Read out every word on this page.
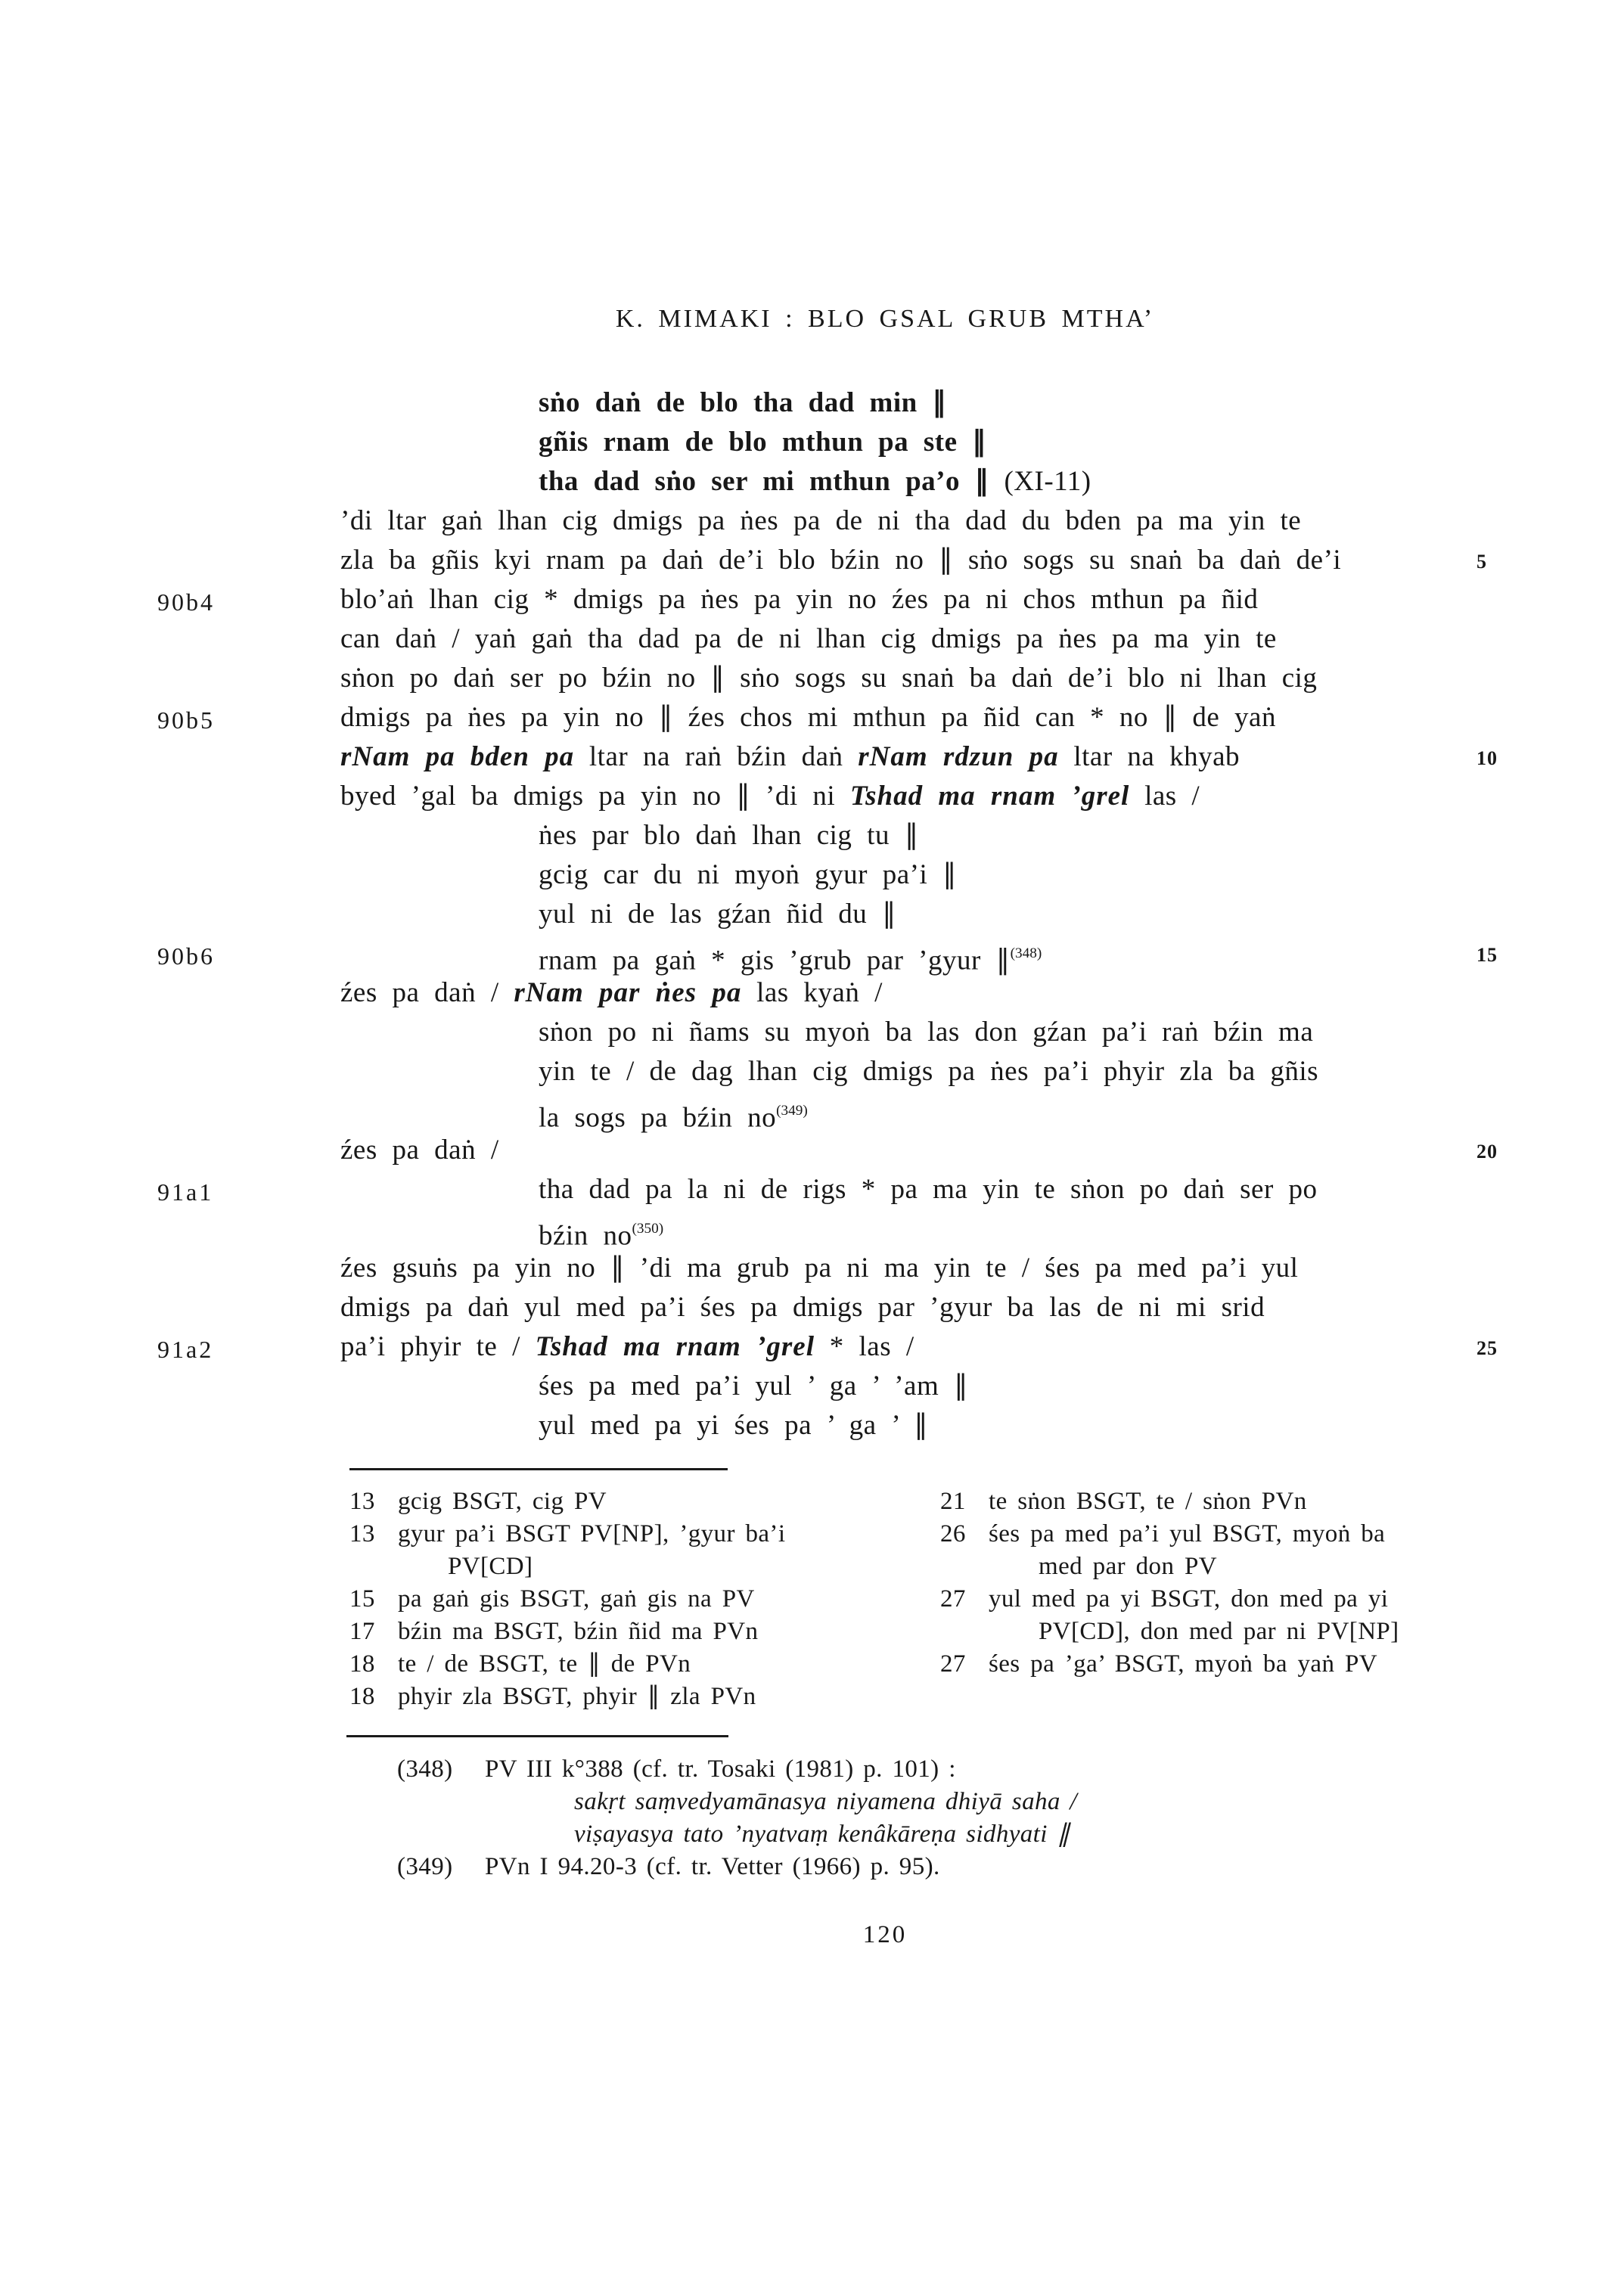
K. MIMAKI : BLO GSAL GRUB MTHA’
sṅo daṅ de blo tha dad min ∥
gñis rnam de blo mthun pa ste ∥
tha dad sṅo ser mi mthun pa’o ∥ (XI-11)
’di ltar gaṅ lhan cig dmigs pa ṅes pa de ni tha dad du bden pa ma yin te
zla ba gñis kyi rnam pa daṅ de’i blo bźin no ∥ sṅo sogs su snaṅ ba daṅ de’i	5
90b4	blo’aṅ lhan cig * dmigs pa ṅes pa yin no źes pa ni chos mthun pa ñid
can daṅ / yaṅ gaṅ tha dad pa de ni lhan cig dmigs pa ṅes pa ma yin te
sṅon po daṅ ser po bźin no ∥ sṅo sogs su snaṅ ba daṅ de’i blo ni lhan cig
90b5	dmigs pa ṅes pa yin no ∥ źes chos mi mthun pa ñid can * no ∥ de yaṅ
rNam pa bden pa ltar na raṅ bźin daṅ rNam rdzun pa ltar na khyab	10
byed ’gal ba dmigs pa yin no ∥ ’di ni Tshad ma rnam ’grel las /
ṅes par blo daṅ lhan cig tu ∥
gcig car du ni myoṅ gyur pa’i ∥
yul ni de las gźan ñid du ∥
90b6	rnam pa gaṅ * gis ’grub par ’gyur ∥$^{(348)}$	15
źes pa daṅ / rNam par ṅes pa las kyaṅ /
sṅon po ni ñams su myoṅ ba las don gźan pa’i raṅ bźin ma
yin te / de dag lhan cig dmigs pa ṅes pa’i phyir zla ba gñis
la sogs pa bźin $no^{(349)}$
źes pa daṅ /	20
91a1	tha dad pa la ni de rigs * pa ma yin te sṅon po daṅ ser po
bźin $no^{(350)}$
źes gsuṅs pa yin no ∥ ’di ma grub pa ni ma yin te / śes pa med pa’i yul
dmigs pa daṅ yul med pa’i śes pa dmigs par ’gyur ba las de ni mi srid
91a2	pa’i phyir te / Tshad ma rnam ’grel * las /	25
śes pa med pa’i yul ’ ga ’ ’am ∥
yul med pa yi śes pa ’ ga ’ ∥
13 gcig BSGT, cig PV
13 gyur pa’i BSGT PV[NP], ’gyur ba’i
PV[CD]
15 pa gaṅ gis BSGT, gaṅ gis na PV
17 bźin ma BSGT, bźin ñid ma PVn
18 te / de BSGT, te ∥ de PVn
18 phyir zla BSGT, phyir ∥ zla PVn
21 te sṅon BSGT, te / sṅon PVn
26 śes pa med pa’i yul BSGT, myoṅ ba
med par don PV
27 yul med pa yi BSGT, don med pa yi
PV[CD], don med par ni PV[NP]
27 śes pa ’ga’ BSGT, myoṅ ba yaṅ PV
(348)	PV III k°388 (cf. tr. Tosaki (1981) p. 101) :
sakṛt saṃvedyamānasya niyamena dhiyā saha /
viṣayasya tato ’nyatvaṃ kenâkāreṇa sidhyati ∥
(349)	PVn I 94.20-3 (cf. tr. Vetter (1966) p. 95).
120
